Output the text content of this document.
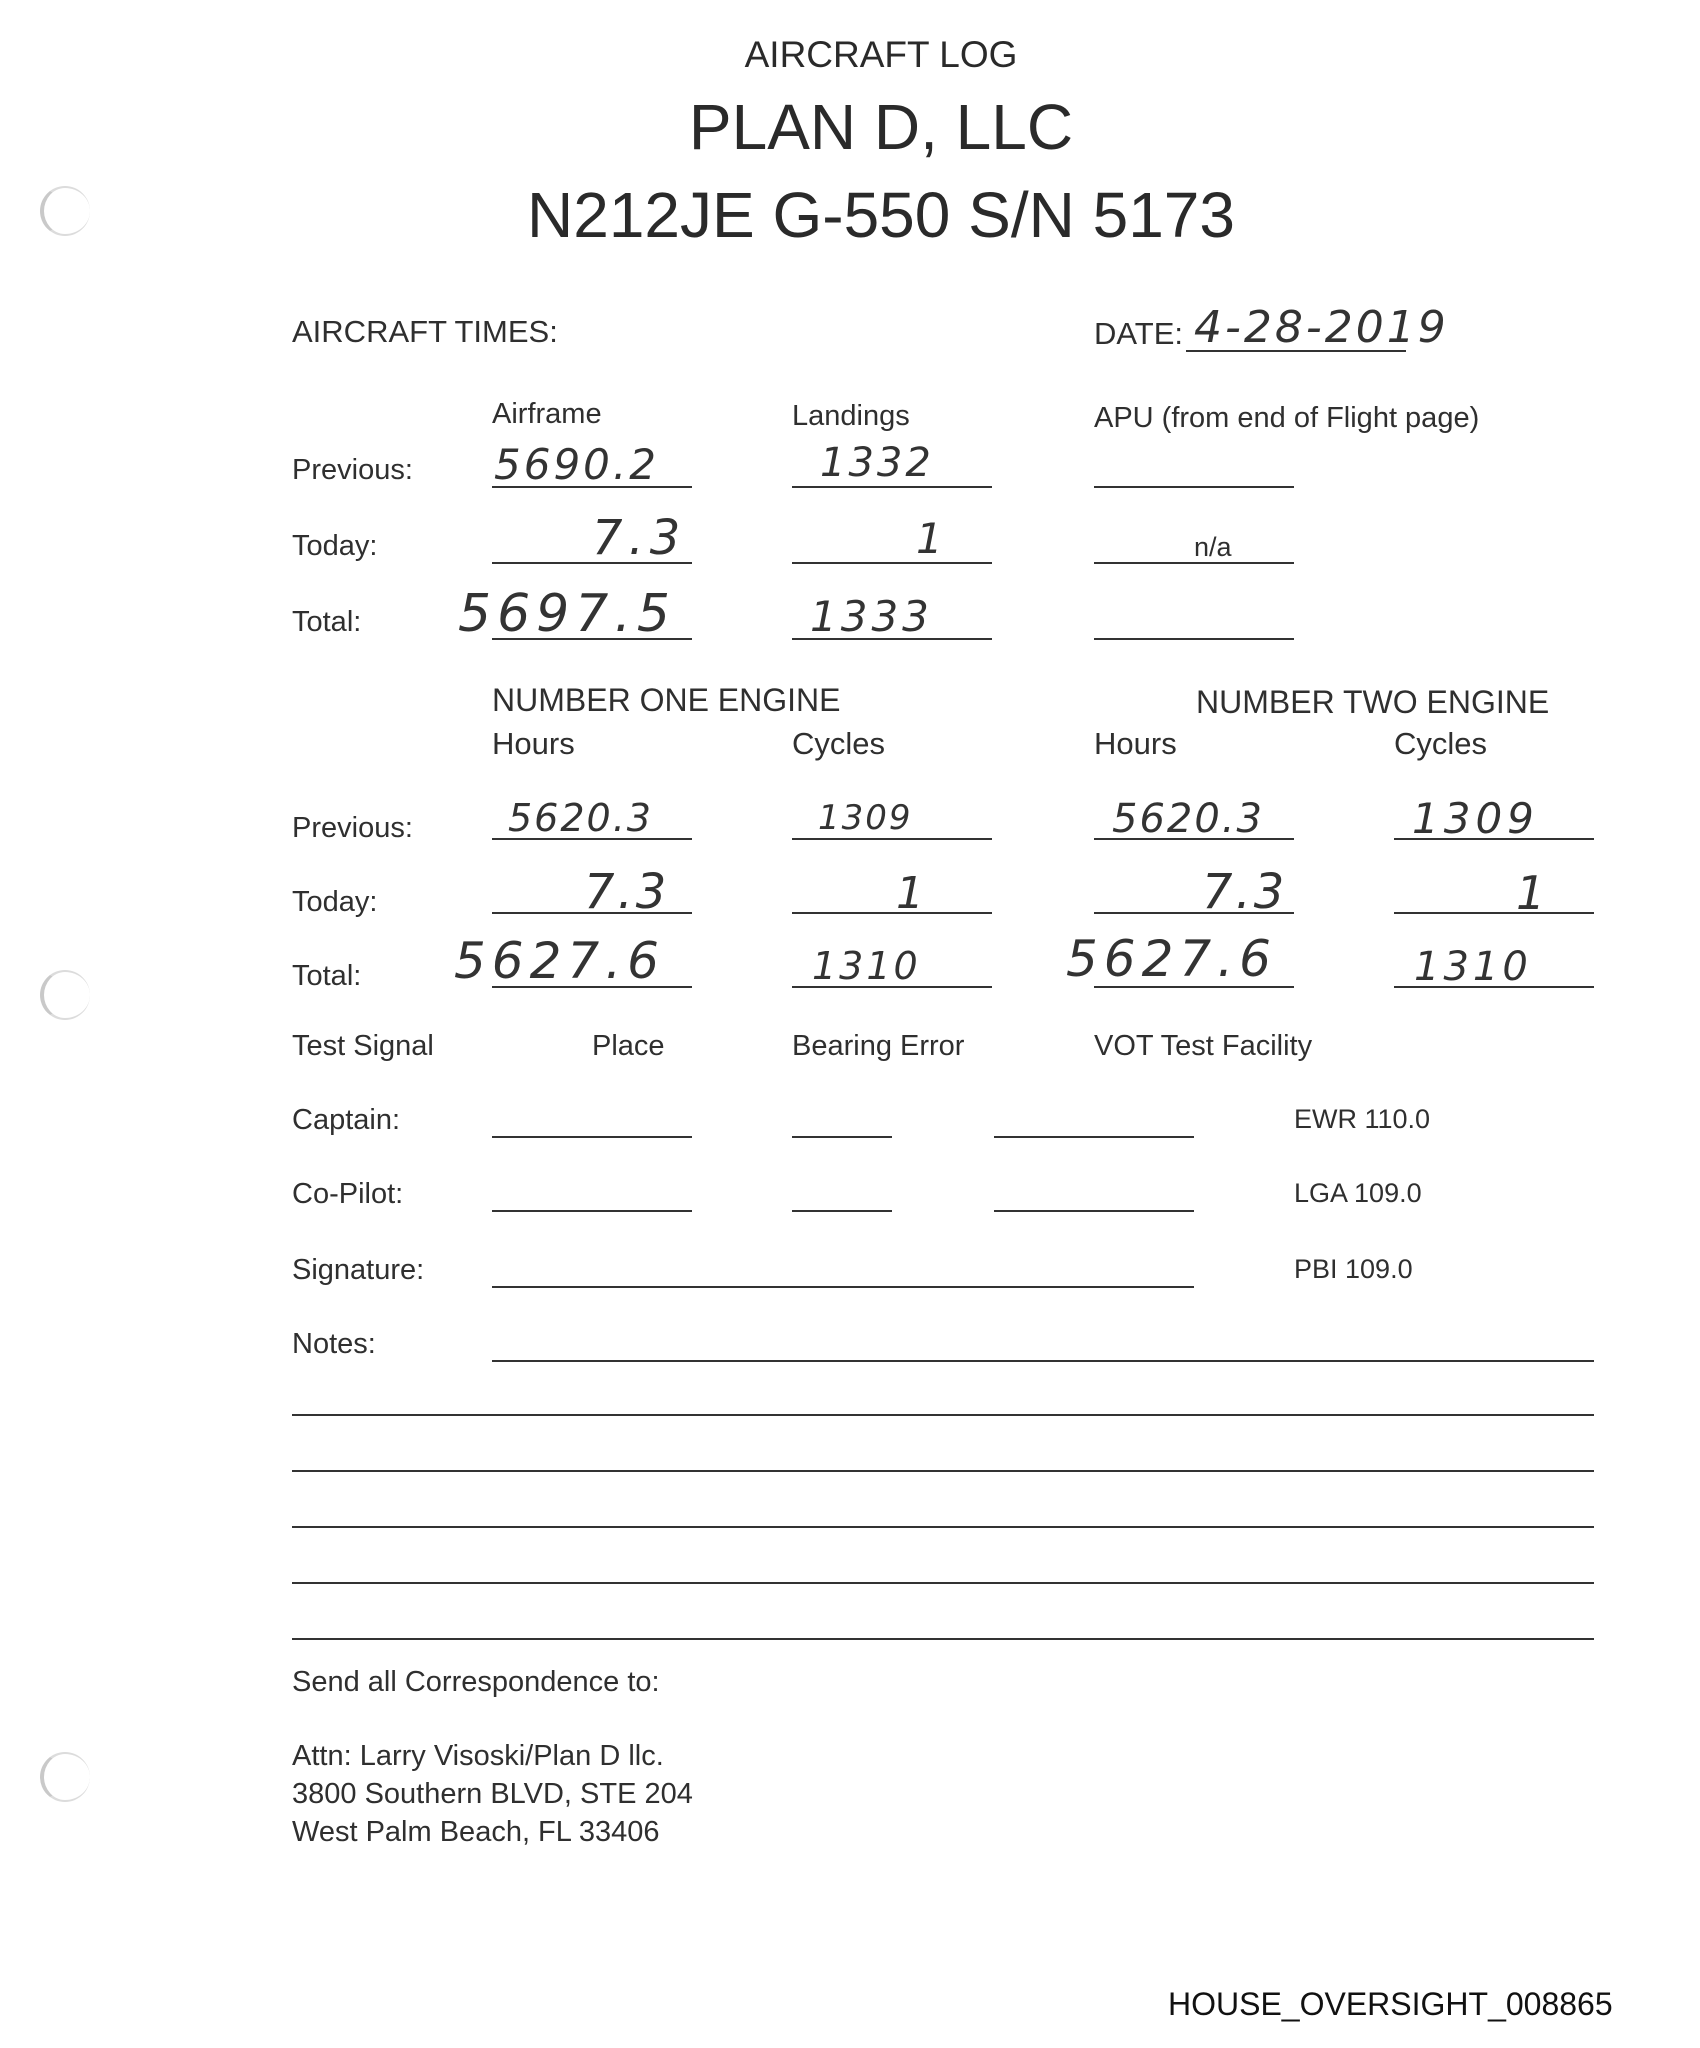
AIRCRAFT LOG
PLAN D, LLC
N212JE G-550 S/N 5173
AIRCRAFT TIMES:	DATE: 4-28-2019
Airframe	Landings	APU (from end of Flight page)
Previous: 5690.2	1332
Today:	7.3	1	n/a
Total: 5697.5	1333
NUMBER ONE ENGINE	NUMBER TWO ENGINE
Hours	Cycles	Hours	Cycles
Previous:	5620.3	1309	5620.3	1309
Today:	7.3	1	7.3	1
Total: 5627.6	1310	5627.6	1310
Test Signal	Place	Bearing Error	VOT Test Facility
Captain:	EWR 110.0
Co-Pilot:	LGA 109.0
Signature:	PBI 109.0
Notes:
Send all Correspondence to:
Attn: Larry Visoski/Plan D llc.
3800 Southern BLVD, STE 204
West Palm Beach, FL 33406
HOUSE_OVERSIGHT_008865
